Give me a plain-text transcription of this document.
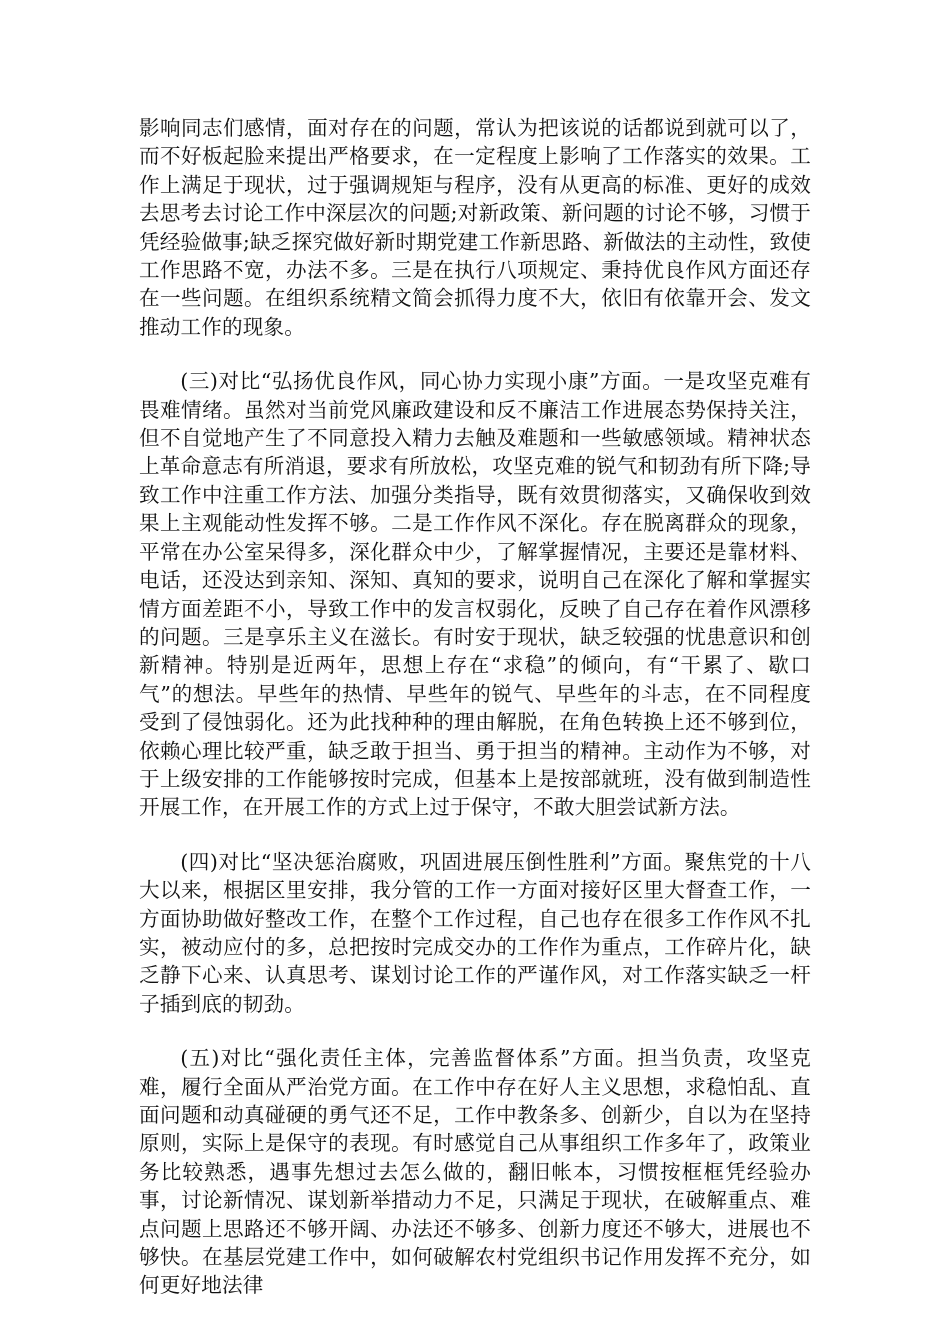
影响同志们感情，面对存在的问题，常认为把该说的话都说到就可以了，而不好板起脸来提出严格要求，在一定程度上影响了工作落实的效果。工作上满足于现状，过于强调规矩与程序，没有从更高的标准、更好的成效去思考去讨论工作中深层次的问题;对新政策、新问题的讨论不够，习惯于凭经验做事;缺乏探究做好新时期党建工作新思路、新做法的主动性，致使工作思路不宽，办法不多。三是在执行八项规定、秉持优良作风方面还存在一些问题。在组织系统精文简会抓得力度不大，依旧有依靠开会、发文推动工作的现象。

(三)对比“弘扬优良作风，同心协力实现小康”方面。一是攻坚克难有畏难情绪。虽然对当前党风廉政建设和反不廉洁工作进展态势保持关注，但不自觉地产生了不同意投入精力去触及难题和一些敏感领域。精神状态上革命意志有所消退，要求有所放松，攻坚克难的锐气和韧劲有所下降;导致工作中注重工作方法、加强分类指导，既有效贯彻落实，又确保收到效果上主观能动性发挥不够。二是工作作风不深化。存在脱离群众的现象，平常在办公室呆得多，深化群众中少，了解掌握情况，主要还是靠材料、电话，还没达到亲知、深知、真知的要求，说明自己在深化了解和掌握实情方面差距不小，导致工作中的发言权弱化，反映了自己存在着作风漂移的问题。三是享乐主义在滋长。有时安于现状，缺乏较强的忧患意识和创新精神。特别是近两年，思想上存在“求稳”的倾向，有“干累了、歇口气”的想法。早些年的热情、早些年的锐气、早些年的斗志，在不同程度受到了侵蚀弱化。还为此找种种的理由解脱，在角色转换上还不够到位，依赖心理比较严重，缺乏敢于担当、勇于担当的精神。主动作为不够，对于上级安排的工作能够按时完成，但基本上是按部就班，没有做到制造性开展工作，在开展工作的方式上过于保守，不敢大胆尝试新方法。

(四)对比“坚决惩治腐败，巩固进展压倒性胜利”方面。聚焦党的十八大以来，根据区里安排，我分管的工作一方面对接好区里大督查工作，一方面协助做好整改工作，在整个工作过程，自己也存在很多工作作风不扎实，被动应付的多，总把按时完成交办的工作作为重点，工作碎片化，缺乏静下心来、认真思考、谋划讨论工作的严谨作风，对工作落实缺乏一杆子插到底的韧劲。

(五)对比“强化责任主体，完善监督体系”方面。担当负责，攻坚克难，履行全面从严治党方面。在工作中存在好人主义思想，求稳怕乱、直面问题和动真碰硬的勇气还不足，工作中教条多、创新少，自以为在坚持原则，实际上是保守的表现。有时感觉自己从事组织工作多年了，政策业务比较熟悉，遇事先想过去怎么做的，翻旧帐本，习惯按框框凭经验办事，讨论新情况、谋划新举措动力不足，只满足于现状，在破解重点、难点问题上思路还不够开阔、办法还不够多、创新力度还不够大，进展也不够快。在基层党建工作中，如何破解农村党组织书记作用发挥不充分，如何更好地法律
